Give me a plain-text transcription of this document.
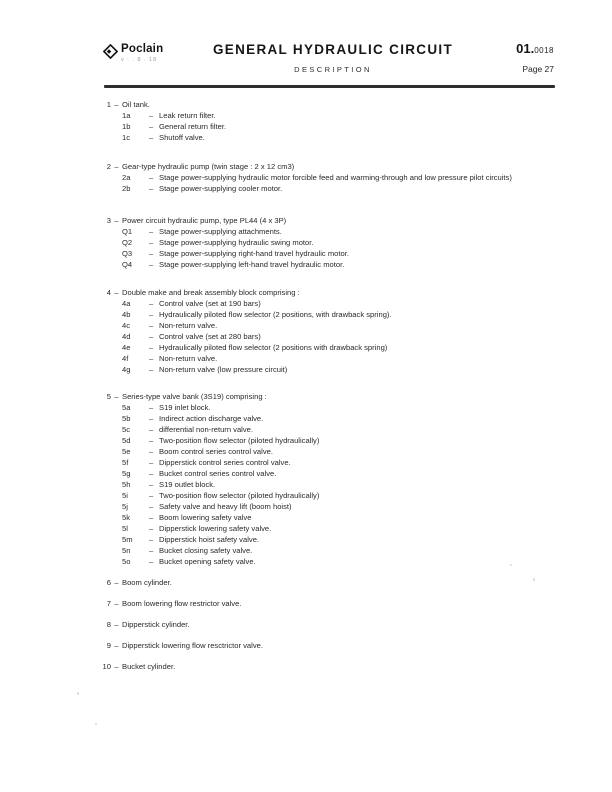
Poclain
v : . 8 . 18
GENERAL HYDRAULIC CIRCUIT
DESCRIPTION
01.0018
Page 27
1 – Oil tank.
1a	– Leak return filter.
1b	– General return filter.
1c	– Shutoff valve.
2 – Gear-type hydraulic pump (twin stage : 2 x 12 cm3)
2a	– Stage power-supplying hydraulic motor forcible feed and warming-through and low pressure pilot circuits)
2b	– Stage power-supplying cooler motor.
3 – Power circuit hydraulic pump, type PL44 (4 x 3P)
Q1	– Stage power-supplying attachments.
Q2	– Stage power-supplying hydraulic swing motor.
Q3	– Stage power-supplying right-hand travel hydraulic motor.
Q4	– Stage power-supplying left-hand travel hydraulic motor.
4 – Double make and break assembly block comprising :
4a	– Control valve (set at 190 bars)
4b	– Hydraulically piloted flow selector (2 positions, with drawback spring).
4c	– Non-return valve.
4d	– Control valve (set at 280 bars)
4e	– Hydraulically piloted flow selector (2 positions with drawback spring)
4f	– Non-return valve.
4g	– Non-return valve (low pressure circuit)
5 – Series-type valve bank (3S19) comprising :
5a	– S19 inlet block.
5b	– Indirect action discharge valve.
5c	– differential non-return valve.
5d	– Two-position flow selector (piloted hydraulically)
5e	– Boom control series control valve.
5f	– Dipperstick control series control valve.
5g	– Bucket control series control valve.
5h	– S19 outlet block.
5i	– Two-position flow selector (piloted hydraulically)
5j	– Safety valve and heavy lift (boom hoist)
5k	– Boom lowering safety valve
5l	– Dipperstick lowering safety valve.
5m	– Dipperstick hoist safety valve.
5n	– Bucket closing safety valve.
5o	– Bucket opening safety valve.
6 – Boom cylinder.
7 – Boom lowering flow restrictor valve.
8 – Dipperstick cylinder.
9 – Dipperstick lowering flow resctrictor valve.
10 – Bucket cylinder.
